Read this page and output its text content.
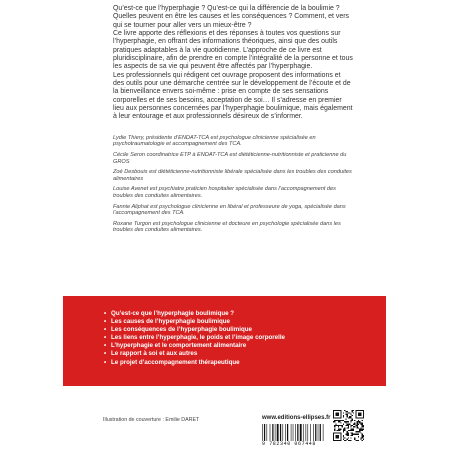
Qu’est-ce que l’hyperphagie ? Qu’est-ce qui la différencie de la boulimie ? Quelles peuvent en être les causes et les conséquences ? Comment, et vers qui se tourner pour aller vers un mieux-être ?

Ce livre apporte des réflexions et des réponses à toutes vos questions sur l’hyperphagie, en offrant des informations théoriques, ainsi que des outils pratiques adaptables à la vie quotidienne. L’approche de ce livre est pluridisciplinaire, afin de prendre en compte l’intégralité de la personne et tous les aspects de sa vie qui peuvent être affectés par l’hyperphagie.

Les professionnels qui rédigent cet ouvrage proposent des informations et des outils pour une démarche centrée sur le développement de l’écoute et de la bienveillance envers soi-même : prise en compte de ses sensations corporelles et de ses besoins, acceptation de soi… Il s’adresse en premier lieu aux personnes concernées par l’hyperphagie boulimique, mais également à leur entourage et aux professionnels désireux de s’informer.

Lydie Thiery, présidente d’ENDAT-TCA est psychologue clinicienne spécialisée en psychotraumatologie et accompagnement des TCA.

Cécile Seron coordinatrice ETP à ENDAT-TCA est diététicienne-nutritionniste et praticienne du GROS

Zoé Desbouis est diététicienne-nutritionniste libérale spécialisée dans les troubles des conduites alimentaires

Louise Avenet est psychiatre praticien hospitalier spécialisée dans l’accompagnement des troubles des conduites alimentaires.

Fannie Aliphat est psychologue clinicienne en libéral et professeure de yoga, spécialisée dans l’accompagnement des TCA.

Roxane Turgon est psychologue clinicienne et docteure en psychologie spécialisée dans les troubles des conduites alimentaires.

• Qu’est-ce que l’hyperphagie boulimique ?
• Les causes de l’hyperphagie boulimique
• Les conséquences de l’hyperphagie boulimique
• Les liens entre l’hyperphagie, le poids et l’image corporelle
• L’hyperphagie et le comportement alimentaire
• Le rapport à soi et aux autres
• Le projet d’accompagnement thérapeutique
Illustration de couverture : Emilie DARET	www.editions-ellipses.fr
9 782340 067448
